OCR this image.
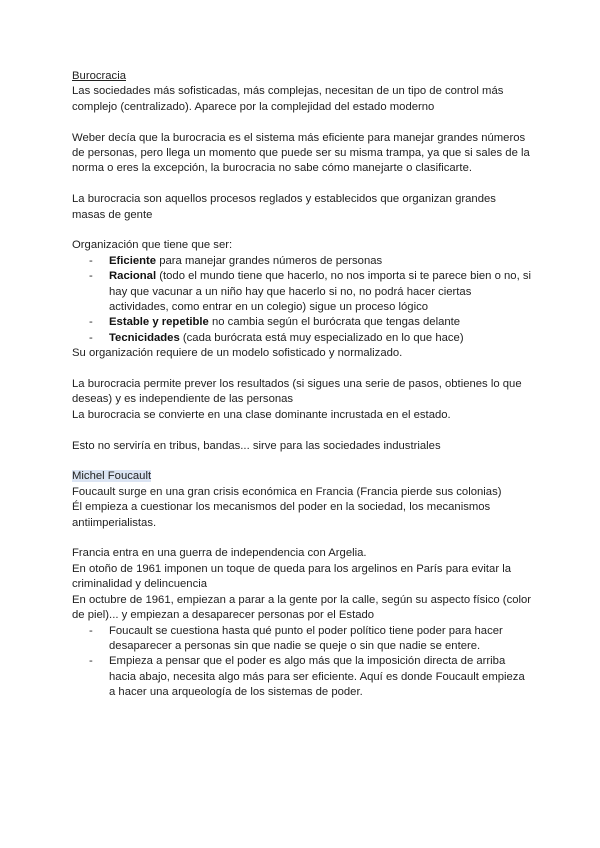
Burocracia

Las sociedades más sofisticadas, más complejas, necesitan de un tipo de control más complejo (centralizado). Aparece por la complejidad del estado moderno

Weber decía que la burocracia es el sistema más eficiente para manejar grandes números de personas, pero llega un momento que puede ser su misma trampa, ya que si sales de la norma o eres la excepción, la burocracia no sabe cómo manejarte o clasificarte.

La burocracia son aquellos procesos reglados y establecidos que organizan grandes masas de gente

Organización que tiene que ser:

- Eficiente para manejar grandes números de personas
- Racional (todo el mundo tiene que hacerlo, no nos importa si te parece bien o no, si hay que vacunar a un niño hay que hacerlo si no, no podrá hacer ciertas actividades, como entrar en un colegio) sigue un proceso lógico
- Estable y repetible no cambia según el burócrata que tengas delante
- Tecnicidades (cada burócrata está muy especializado en lo que hace)

Su organización requiere de un modelo sofisticado y normalizado.

La burocracia permite prever los resultados (si sigues una serie de pasos, obtienes lo que deseas) y es independiente de las personas

La burocracia se convierte en una clase dominante incrustada en el estado.

Esto no serviría en tribus, bandas... sirve para las sociedades industriales

Michel Foucault

Foucault surge en una gran crisis económica en Francia (Francia pierde sus colonias)

Él empieza a cuestionar los mecanismos del poder en la sociedad, los mecanismos antiimperialistas.

Francia entra en una guerra de independencia con Argelia.

En otoño de 1961 imponen un toque de queda para los argelinos en París para evitar la criminalidad y delincuencia

En octubre de 1961, empiezan a parar a la gente por la calle, según su aspecto físico (color de piel)... y empiezan a desaparecer personas por el Estado

- Foucault se cuestiona hasta qué punto el poder político tiene poder para hacer desaparecer a personas sin que nadie se queje o sin que nadie se entere.
- Empieza a pensar que el poder es algo más que la imposición directa de arriba hacia abajo, necesita algo más para ser eficiente. Aquí es donde Foucault empieza a hacer una arqueología de los sistemas de poder.
